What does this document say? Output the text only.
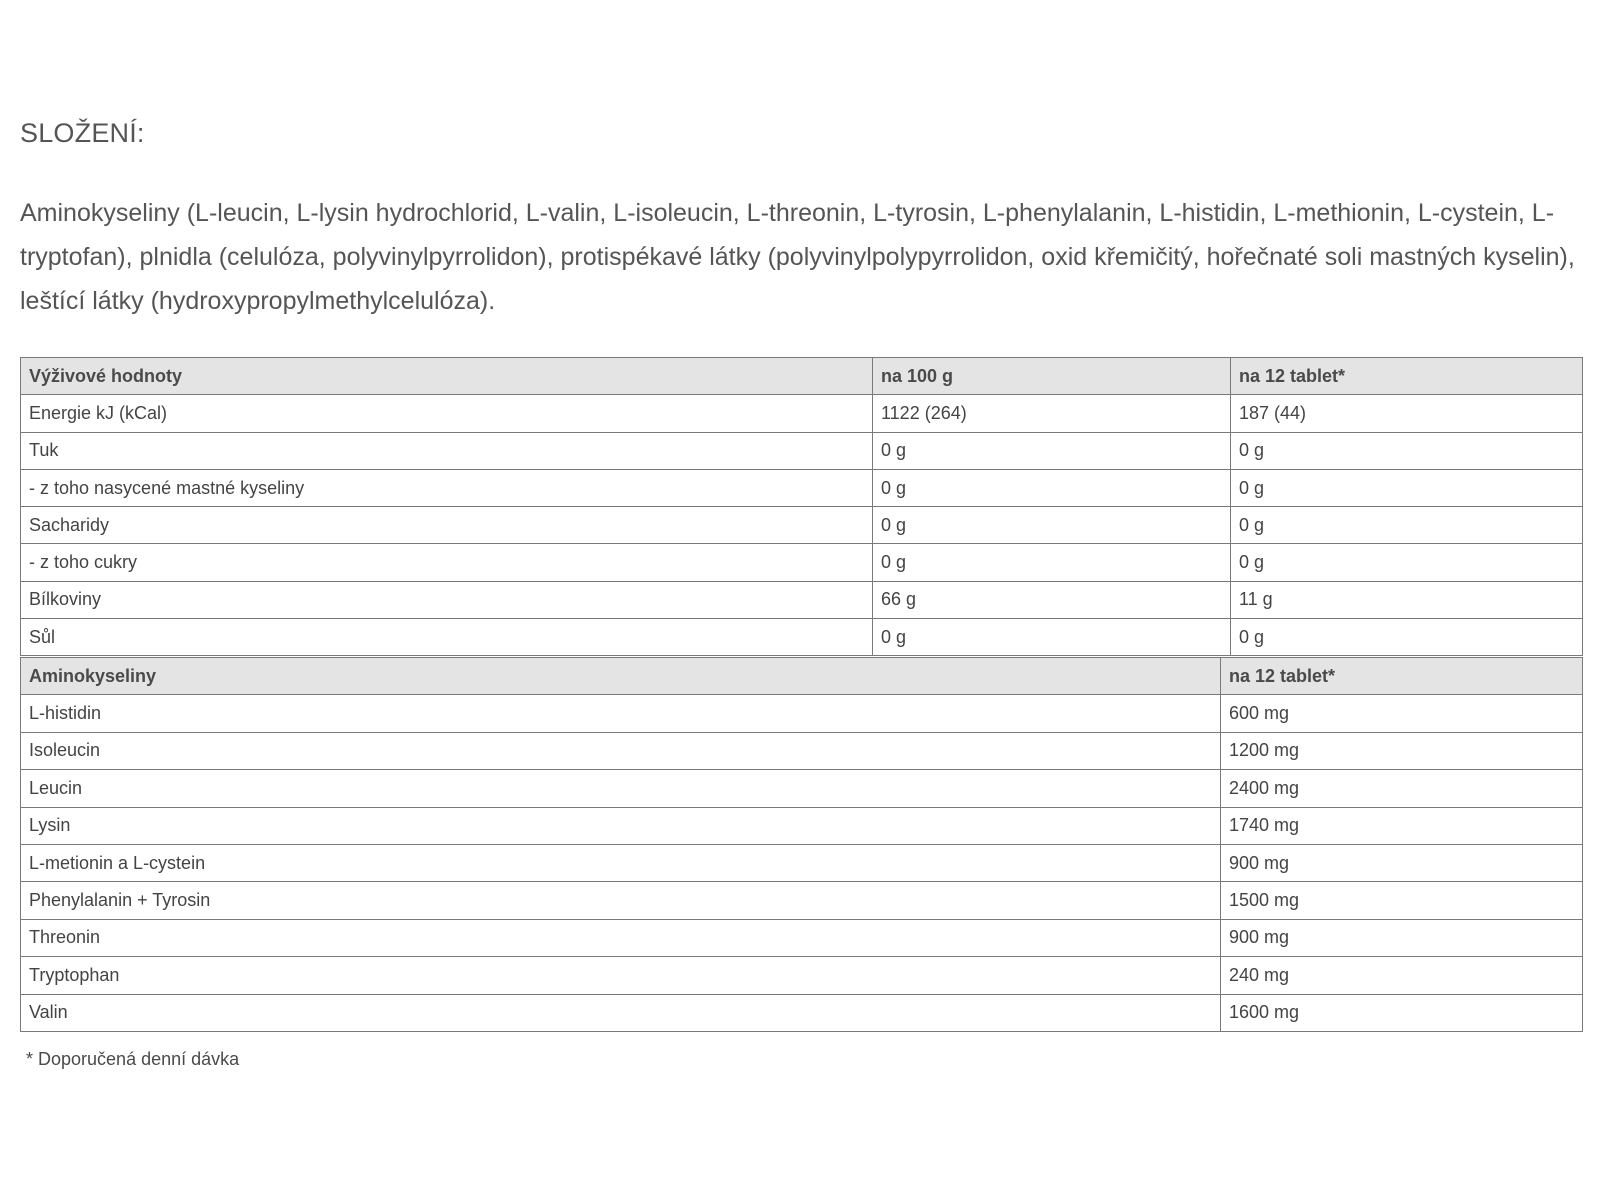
SLOŽENÍ:

Aminokyseliny (L-leucin, L-lysin hydrochlorid, L-valin, L-isoleucin, L-threonin, L-tyrosin, L-phenylalanin, L-histidin, L-methionin, L-cystein, L-tryptofan), plnidla (celulóza, polyvinylpyrrolidon), protispékavé látky (polyvinylpolypyrrolidon, oxid křemičitý, hořečnaté soli mastných kyselin), leštící látky (hydroxypropylmethylcelulóza).

Výživové hodnoty	na 100 g	na 12 tablet*
Energie kJ (kCal)	1122 (264)	187 (44)
Tuk	0 g	0 g
- z toho nasycené mastné kyseliny	0 g	0 g
Sacharidy	0 g	0 g
- z toho cukry	0 g	0 g
Bílkoviny	66 g	11 g
Sůl	0 g	0 g
Aminokyseliny	na 12 tablet*
L-histidin	600 mg
Isoleucin	1200 mg
Leucin	2400 mg
Lysin	1740 mg
L-metionin a L-cystein	900 mg
Phenylalanin + Tyrosin	1500 mg
Threonin	900 mg
Tryptophan	240 mg
Valin	1600 mg

* Doporučená denní dávka
